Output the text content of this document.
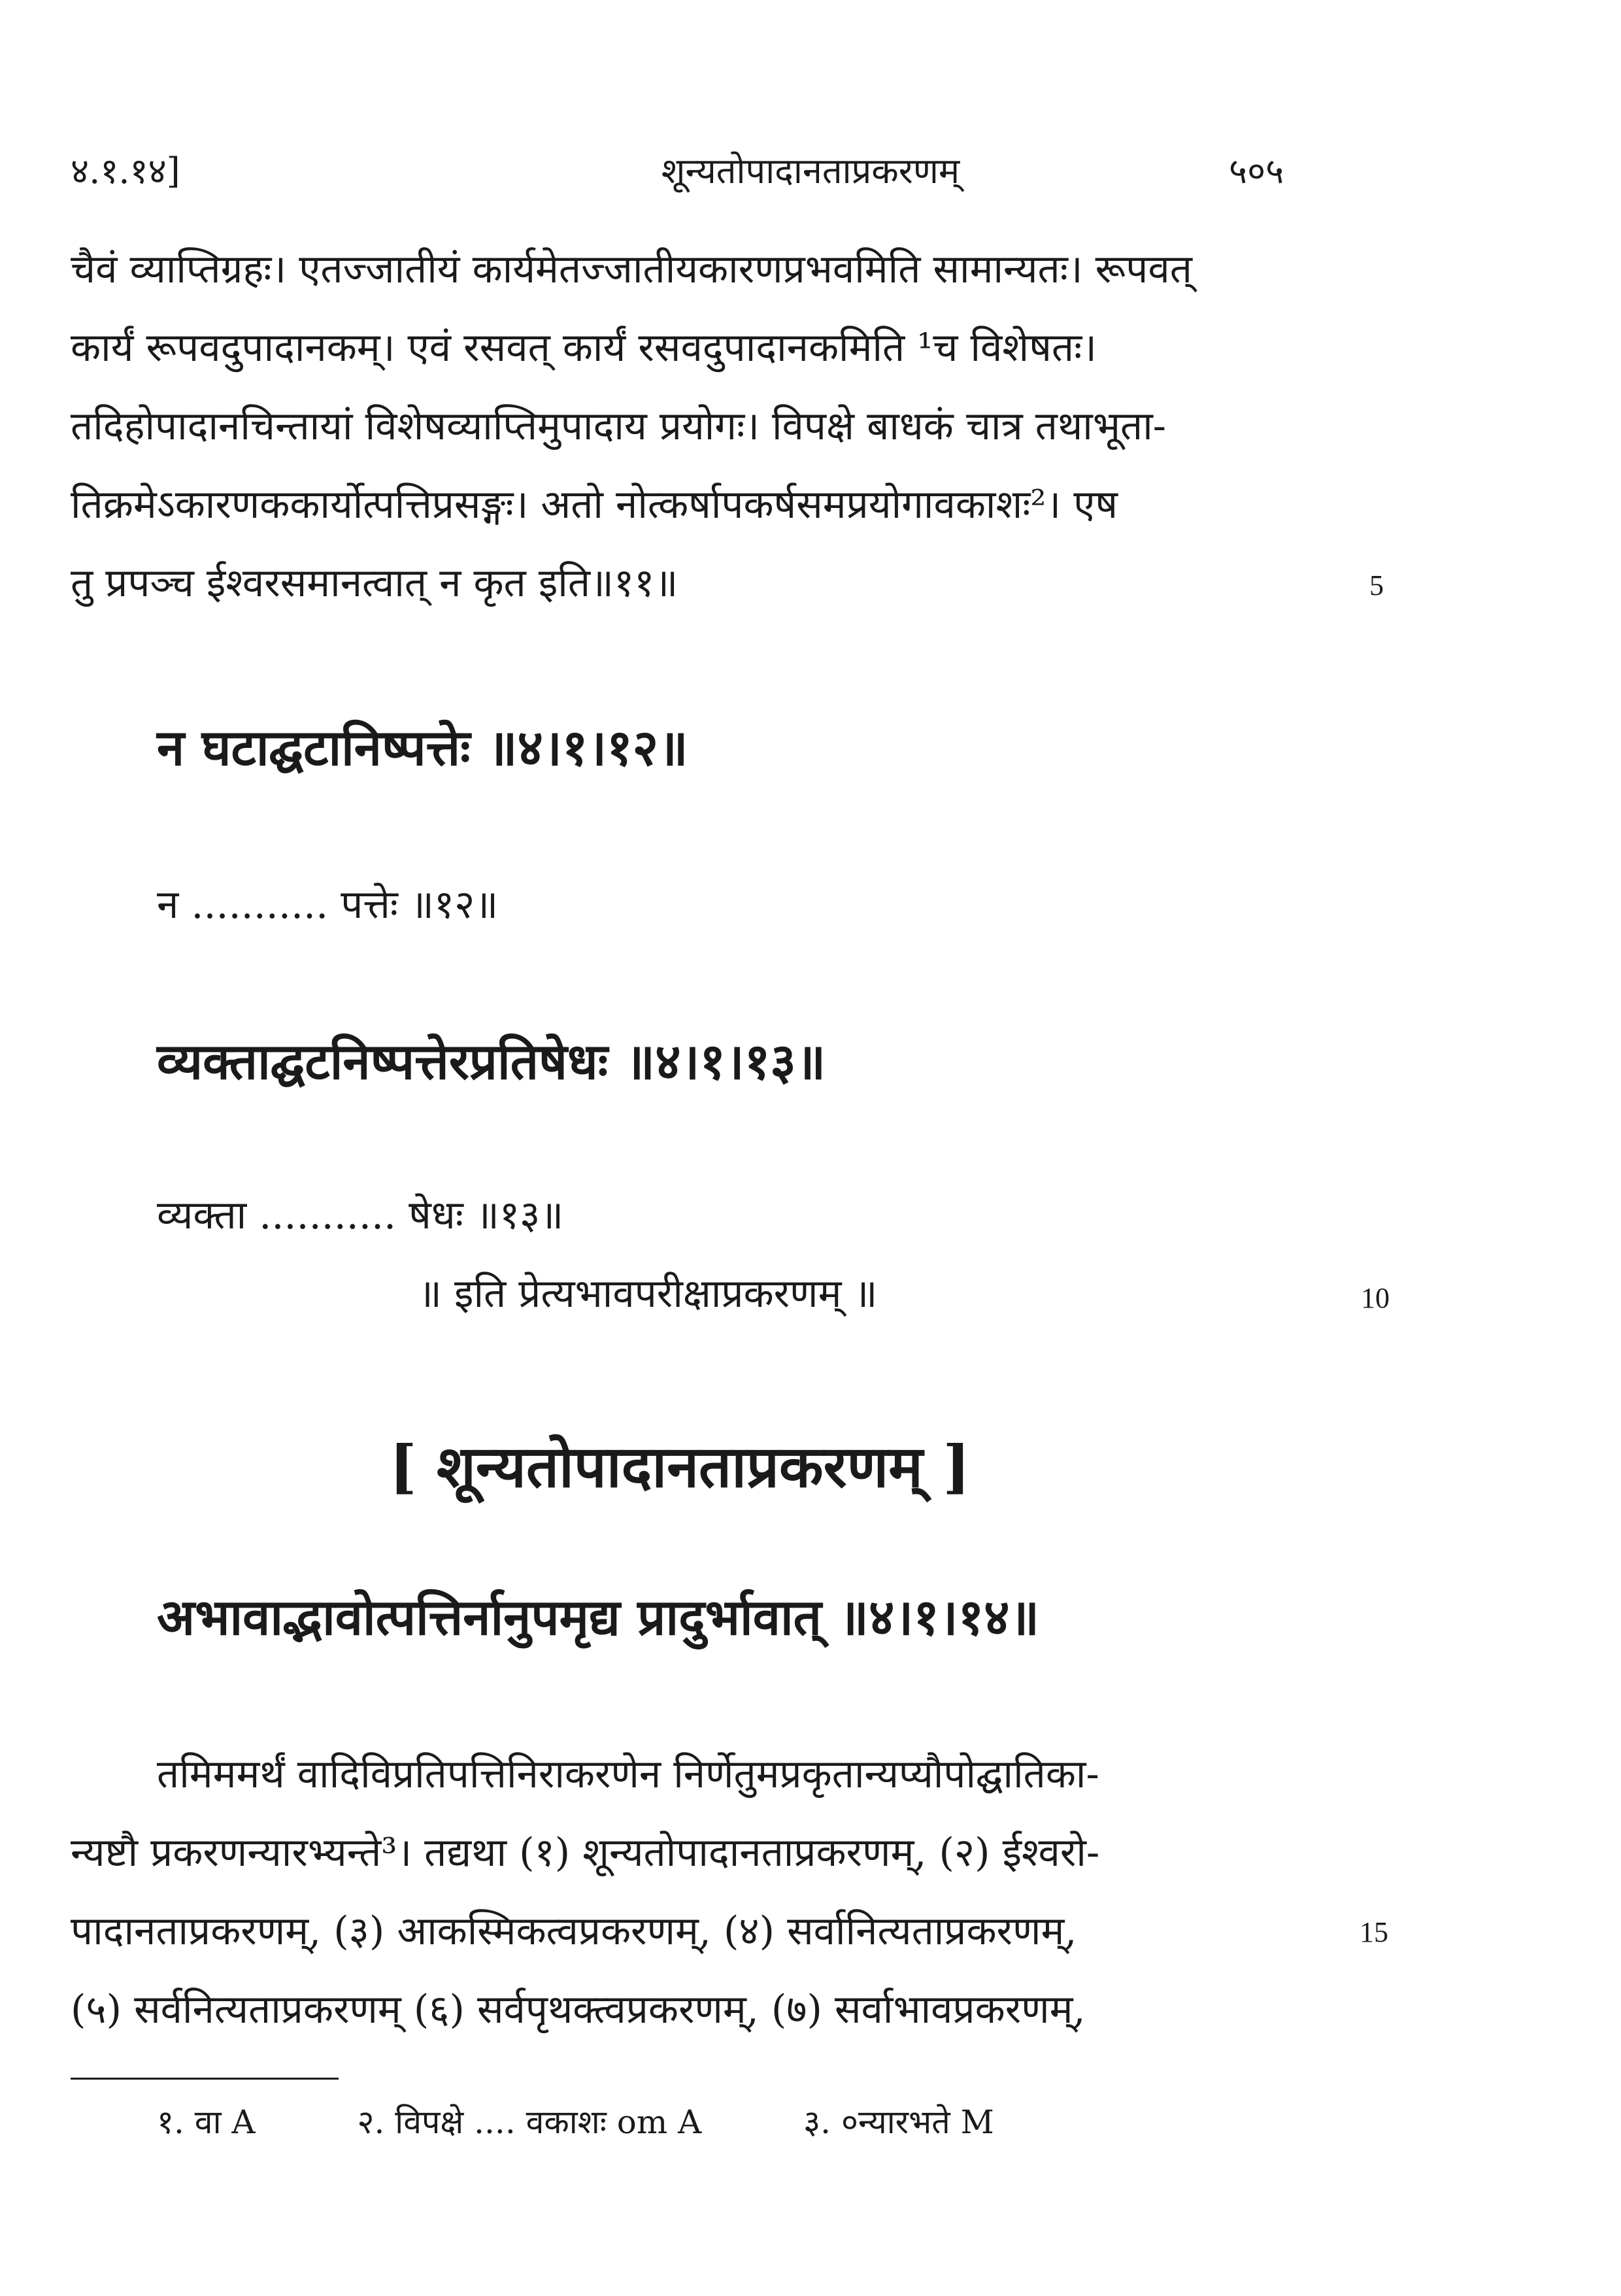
४.१.१४]	शून्यतोपादानताप्रकरणम्	५०५
चैवं व्याप्तिग्रहः। एतज्जातीयं कार्यमेतज्जातीयकारणप्रभवमिति सामान्यतः। रूपवत्
कार्यं रूपवदुपादानकम्। एवं रसवत् कार्यं रसवदुपादानकमिति ¹च विशेषतः।
तदिहोपादानचिन्तायां विशेषव्याप्तिमुपादाय प्रयोगः। विपक्षे बाधकं चात्र तथाभूता-
तिक्रमेऽकारणककार्योत्पत्तिप्रसङ्गः। अतो नोत्कर्षापकर्षसमप्रयोगावकाशः²। एष
तु प्रपञ्च ईश्वरसमानत्वात् न कृत इति॥११॥	5
न घटाद्घटानिष्पत्तेः ॥४।१।१२॥
न ........... पत्तेः ॥१२॥
व्यक्ताद्घटनिष्पत्तेरप्रतिषेधः ॥४।१।१३॥
व्यक्ता ........... षेधः ॥१३॥
॥ इति प्रेत्यभावपरीक्षाप्रकरणम् ॥	10
[ शून्यतोपादानताप्रकरणम् ]
अभावाद्भावोत्पत्तिर्नानुपमृद्य प्रादुर्भावात् ॥४।१।१४॥
तमिममर्थं वादिविप्रतिपत्तिनिराकरणेन निर्णेतुमप्रकृतान्यप्यौपोद्घातिका-
न्यष्टौ प्रकरणन्यारभ्यन्ते³। तद्यथा (१) शून्यतोपादानताप्रकरणम्, (२) ईश्वरो-
पादानताप्रकरणम्, (३) आकस्मिकत्वप्रकरणम्, (४) सर्वानित्यताप्रकरणम्,	15
(५) सर्वनित्यताप्रकरणम् (६) सर्वपृथक्त्वप्रकरणम्, (७) सर्वाभावप्रकरणम्,
१. वा A	२. विपक्षे .... वकाशः om A	३. ०न्यारभते M
